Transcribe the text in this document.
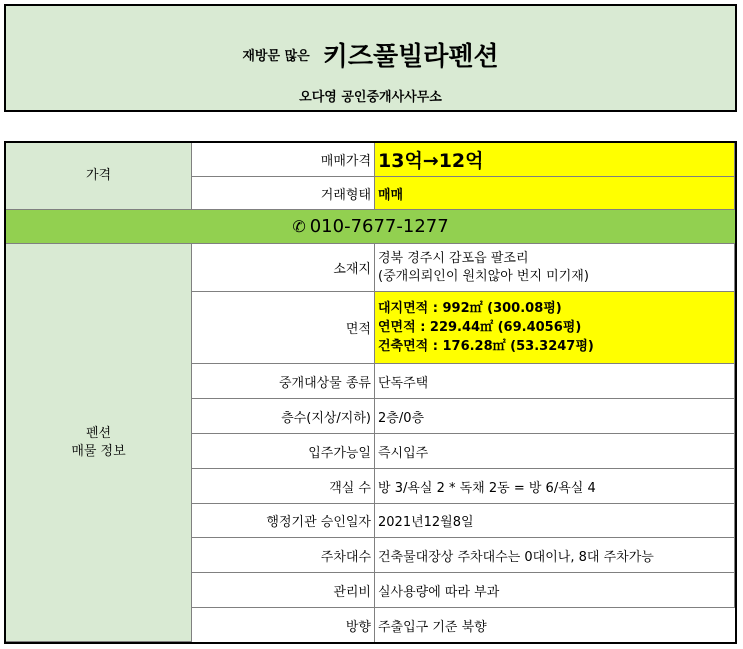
재방문 많은 키즈풀빌라펜션
오다영 공인중개사사무소
가격
매매가격 13억→12억
거래형태 매매
✆ 010-7677-1277
펜션
매물 정보
소재지
경북 경주시 감포읍 팔조리
(중개의뢰인이 원치않아 번지 미기재)
면적
대지면적 : 992㎡ (300.08평)
연면적 : 229.44㎡ (69.4056평)
건축면적 : 176.28㎡ (53.3247평)
중개대상물 종류 단독주택
층수(지상/지하) 2층/0층
입주가능일 즉시입주
객실 수 방 3/욕실 2 * 독채 2동 = 방 6/욕실 4
행정기관 승인일자 2021년12월8일
주차대수 건축물대장상 주차대수는 0대이나, 8대 주차가능
관리비 실사용량에 따라 부과
방향 주출입구 기준 북향
